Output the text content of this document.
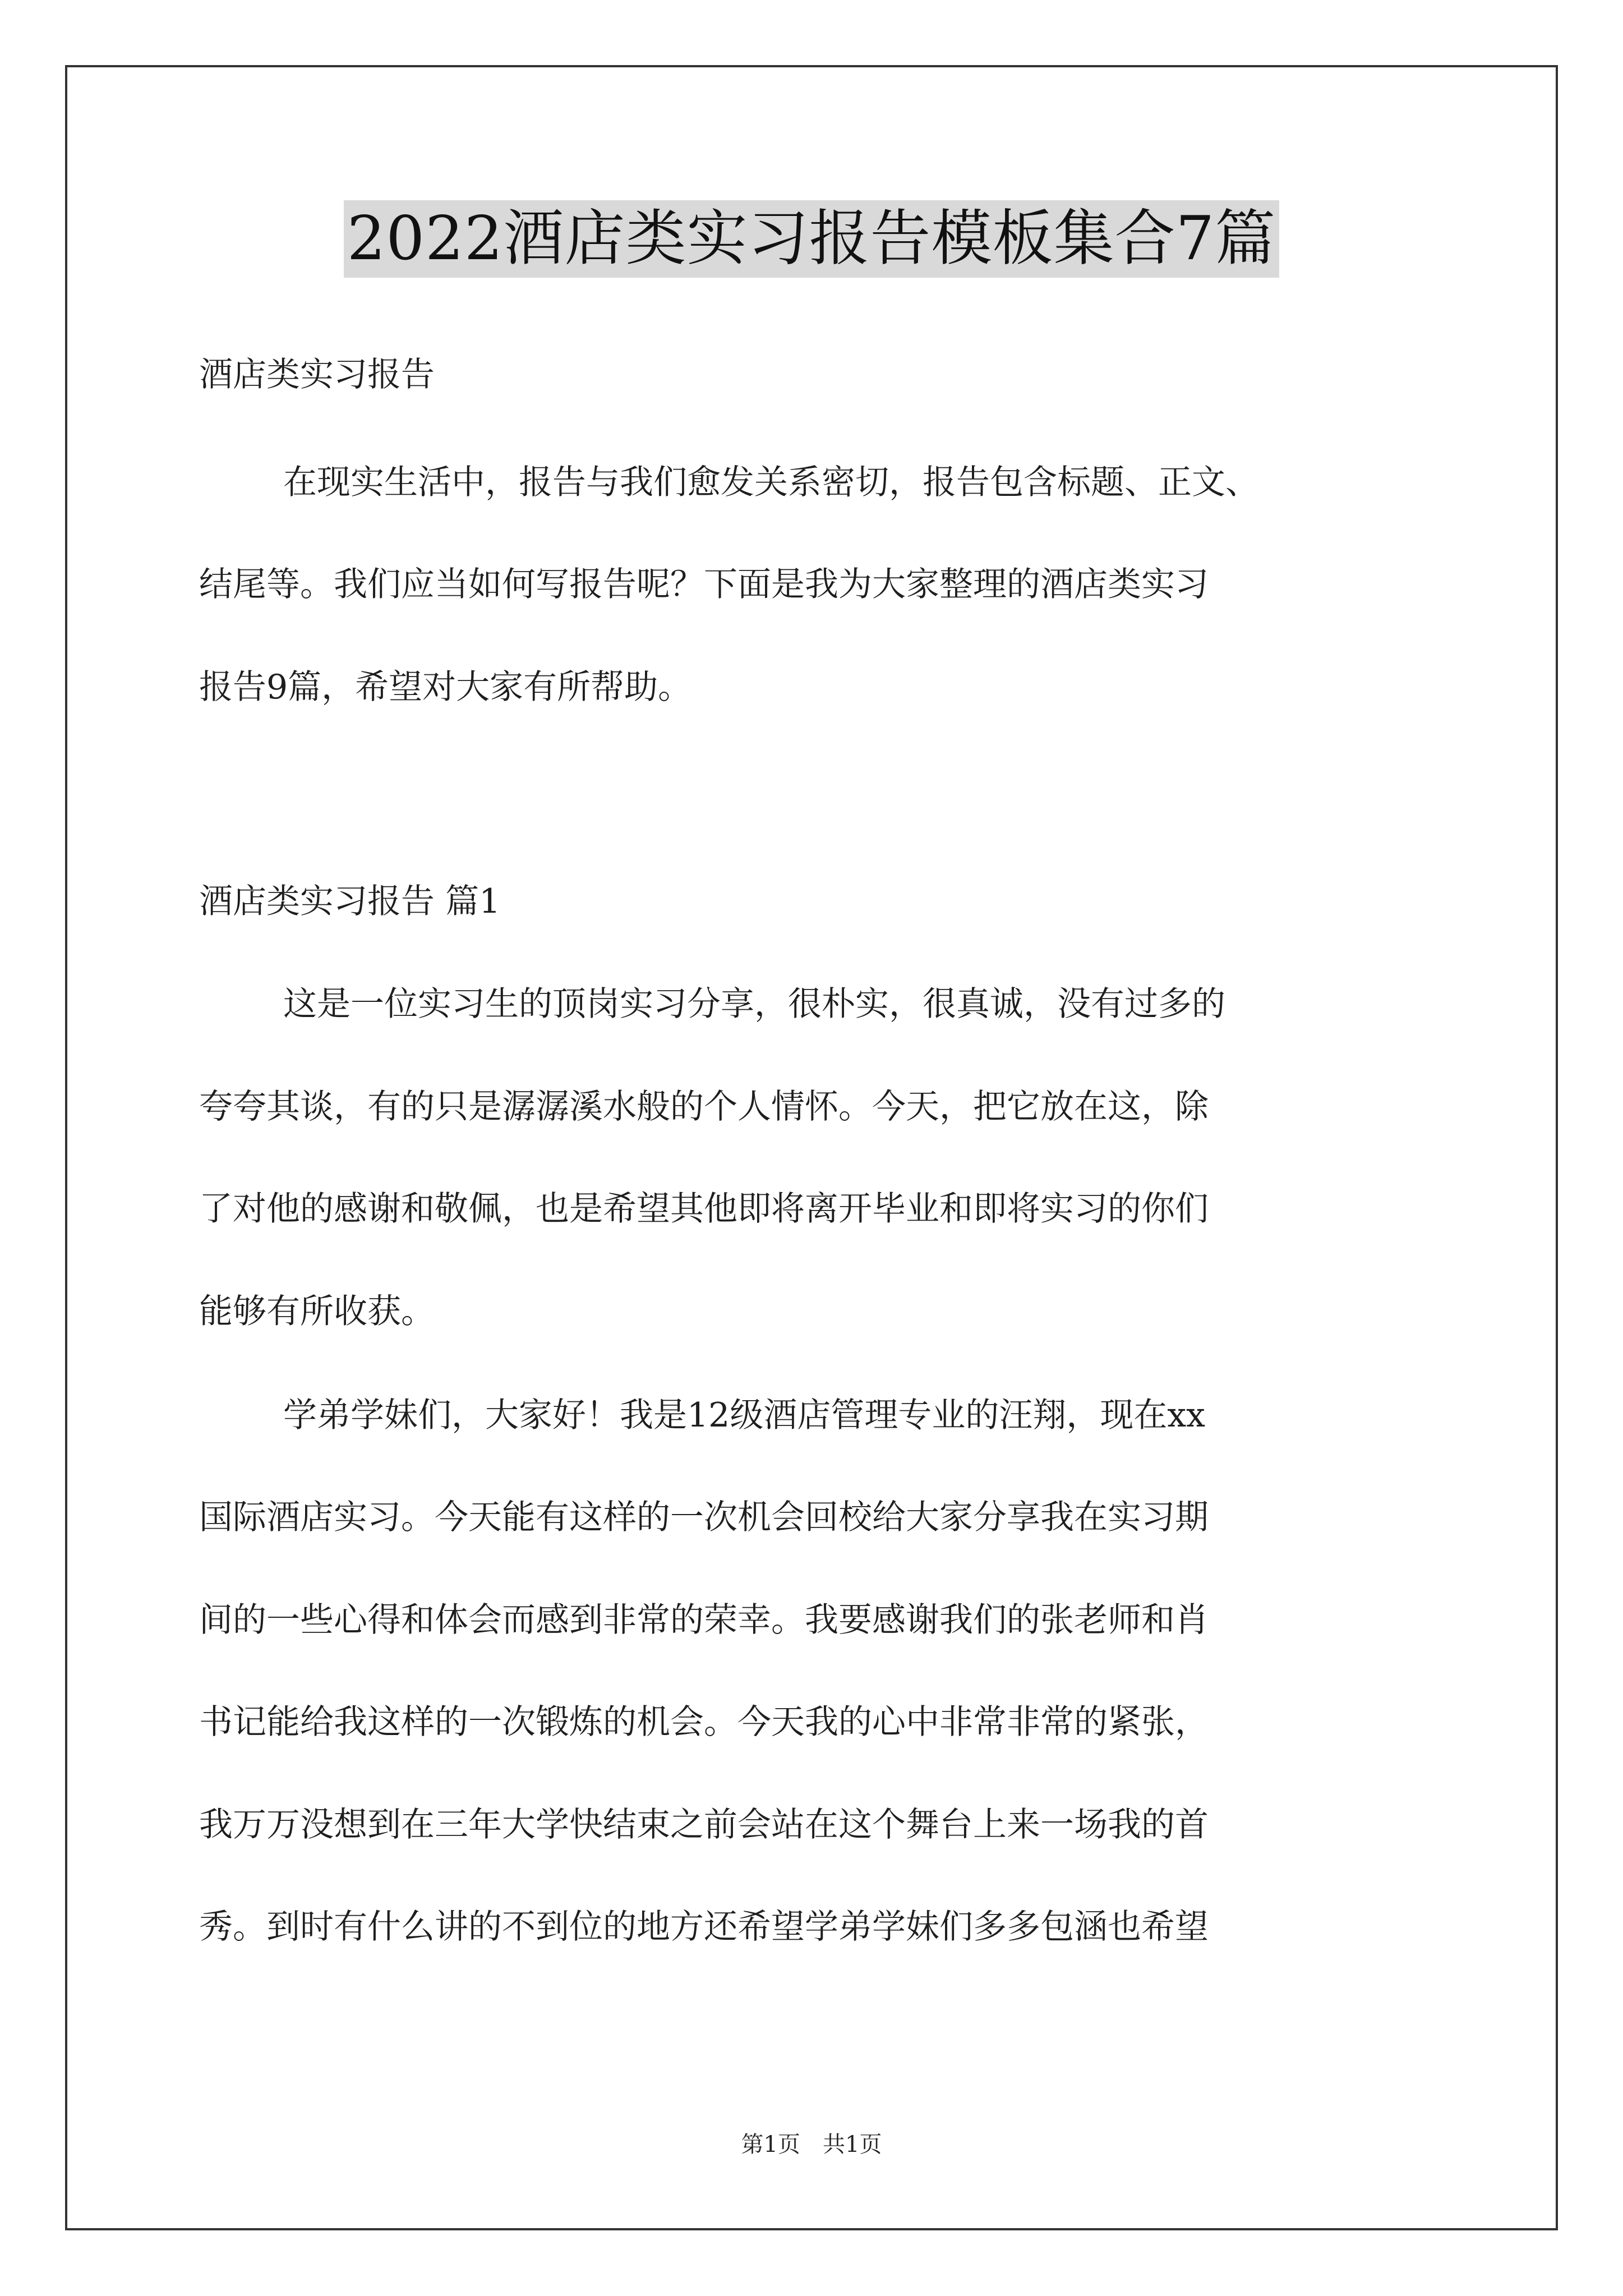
2022酒店类实习报告模板集合7篇
酒店类实习报告
在现实生活中，报告与我们愈发关系密切，报告包含标题、正文、
结尾等。我们应当如何写报告呢？下面是我为大家整理的酒店类实习
报告9篇，希望对大家有所帮助。
酒店类实习报告 篇1
这是一位实习生的顶岗实习分享，很朴实，很真诚，没有过多的
夸夸其谈，有的只是潺潺溪水般的个人情怀。今天，把它放在这，除
了对他的感谢和敬佩，也是希望其他即将离开毕业和即将实习的你们
能够有所收获。
学弟学妹们，大家好！我是12级酒店管理专业的汪翔，现在xx
国际酒店实习。今天能有这样的一次机会回校给大家分享我在实习期
间的一些心得和体会而感到非常的荣幸。我要感谢我们的张老师和肖
书记能给我这样的一次锻炼的机会。今天我的心中非常非常的紧张，
我万万没想到在三年大学快结束之前会站在这个舞台上来一场我的首
秀。到时有什么讲的不到位的地方还希望学弟学妹们多多包涵也希望
第1页　共1页
